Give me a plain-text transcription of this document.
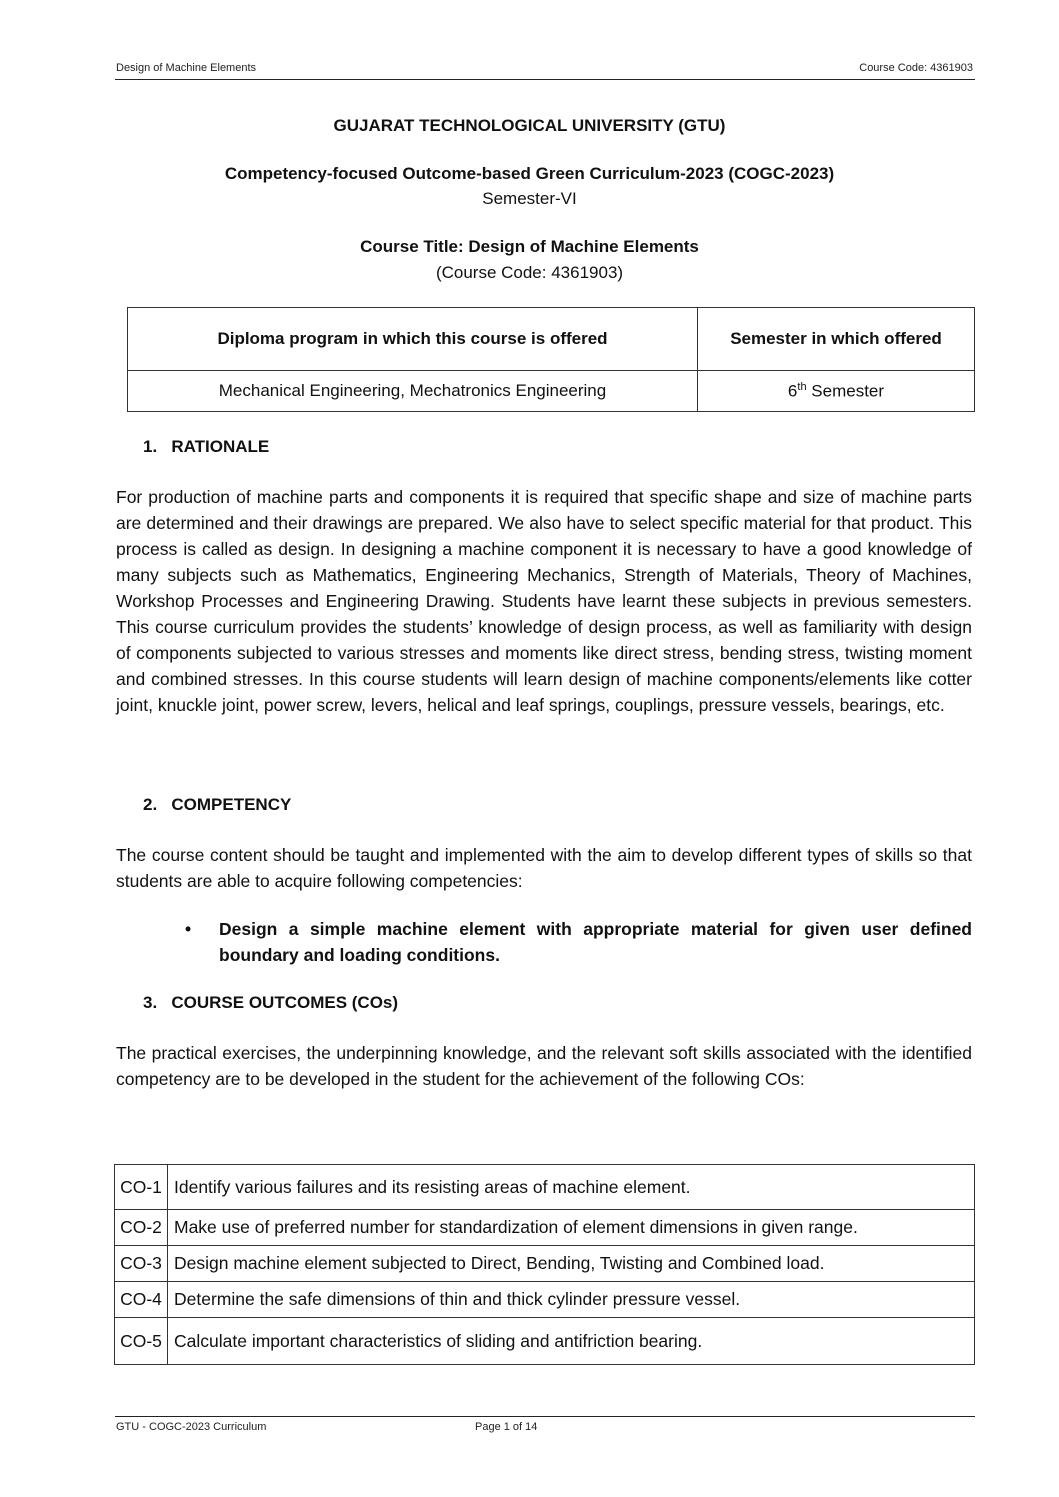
Design of Machine Elements	Course Code: 4361903
GUJARAT TECHNOLOGICAL UNIVERSITY (GTU)
Competency-focused Outcome-based Green Curriculum-2023 (COGC-2023)
Semester-VI
Course Title: Design of Machine Elements
(Course Code: 4361903)
Diploma program in which this course is offered	Semester in which offered
Mechanical Engineering, Mechatronics Engineering	6th Semester
1. RATIONALE
For production of machine parts and components it is required that specific shape and size of machine parts are determined and their drawings are prepared. We also have to select specific material for that product. This process is called as design. In designing a machine component it is necessary to have a good knowledge of many subjects such as Mathematics, Engineering Mechanics, Strength of Materials, Theory of Machines, Workshop Processes and Engineering Drawing. Students have learnt these subjects in previous semesters. This course curriculum provides the students’ knowledge of design process, as well as familiarity with design of components subjected to various stresses and moments like direct stress, bending stress, twisting moment and combined stresses. In this course students will learn design of machine components/elements like cotter joint, knuckle joint, power screw, levers, helical and leaf springs, couplings, pressure vessels, bearings, etc.
2. COMPETENCY
The course content should be taught and implemented with the aim to develop different types of skills so that students are able to acquire following competencies:
• Design a simple machine element with appropriate material for given user defined boundary and loading conditions.
3. COURSE OUTCOMES (COs)
The practical exercises, the underpinning knowledge, and the relevant soft skills associated with the identified competency are to be developed in the student for the achievement of the following COs:
CO-1	Identify various failures and its resisting areas of machine element.
CO-2	Make use of preferred number for standardization of element dimensions in given range.
CO-3	Design machine element subjected to Direct, Bending, Twisting and Combined load.
CO-4	Determine the safe dimensions of thin and thick cylinder pressure vessel.
CO-5	Calculate important characteristics of sliding and antifriction bearing.
GTU - COGC-2023 Curriculum	Page 1 of 14
